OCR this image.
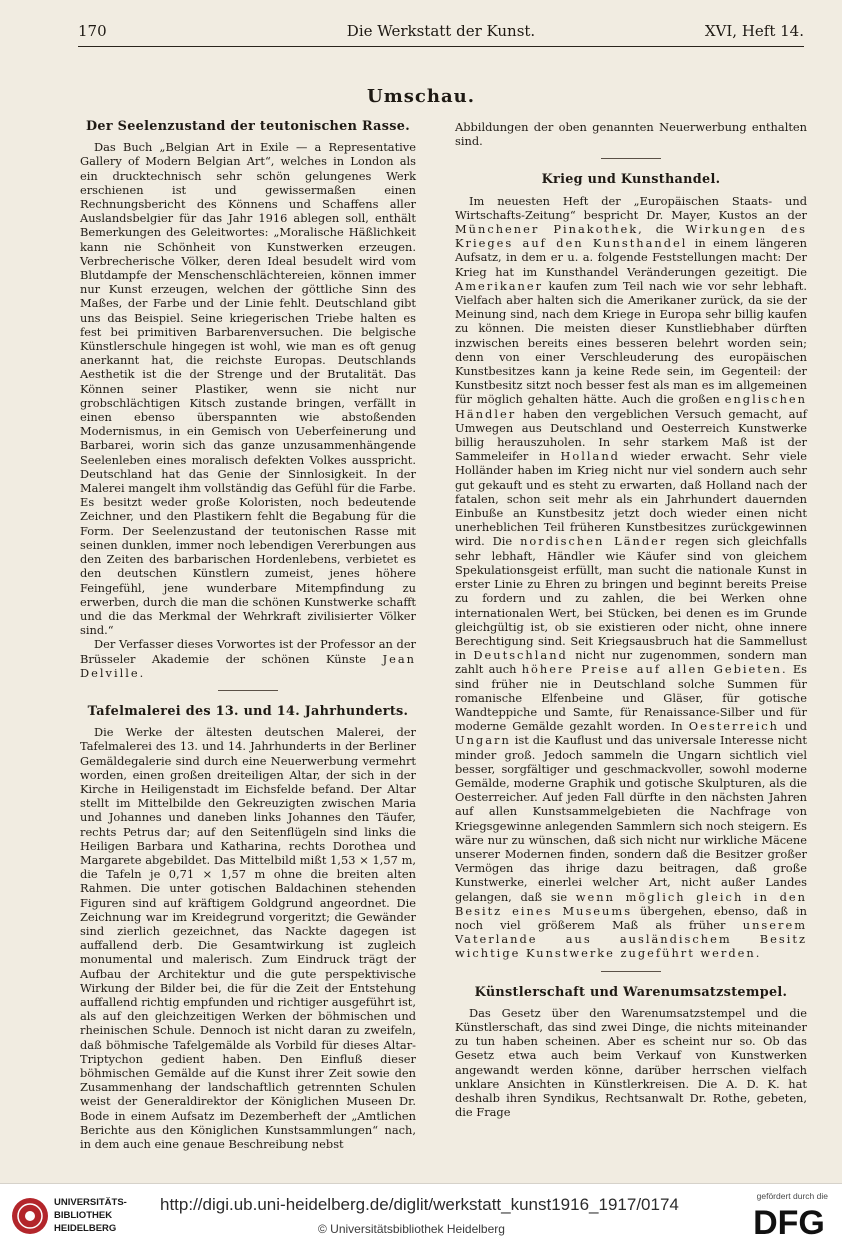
170	Die Werkstatt der Kunst.	XVI, Heft 14.
Umschau.
Der Seelenzustand der teutonischen Rasse.

Das Buch „Belgian Art in Exile — a Representative Gallery of Modern Belgian Art“, welches in London als ein drucktechnisch sehr schön gelungenes Werk erschienen ist und gewissermaßen einen Rechnungsbericht des Könnens und Schaffens aller Auslandsbelgier für das Jahr 1916 ablegen soll, enthält Bemerkungen des Geleitwortes: „Moralische Häßlichkeit kann nie Schönheit von Kunstwerken erzeugen. Verbrecherische Völker, deren Ideal besudelt wird vom Blutdampfe der Menschenschlächtereien, können immer nur Kunst erzeugen, welchen der göttliche Sinn des Maßes, der Farbe und der Linie fehlt. Deutschland gibt uns das Beispiel. Seine kriegerischen Triebe halten es fest bei primitiven Barbarenversuchen. Die belgische Künstlerschule hingegen ist wohl, wie man es oft genug anerkannt hat, die reichste Europas. Deutschlands Aesthetik ist die der Strenge und der Brutalität. Das Können seiner Plastiker, wenn sie nicht nur grobschlächtigen Kitsch zustande bringen, verfällt in einen ebenso überspannten wie abstoßenden Modernismus, in ein Gemisch von Ueberfeinerung und Barbarei, worin sich das ganze unzusammenhängende Seelenleben eines moralisch defekten Volkes ausspricht. Deutschland hat das Genie der Sinnlosigkeit. In der Malerei mangelt ihm vollständig das Gefühl für die Farbe. Es besitzt weder große Koloristen, noch bedeutende Zeichner, und den Plastikern fehlt die Begabung für die Form. Der Seelenzustand der teutonischen Rasse mit seinen dunklen, immer noch lebendigen Vererbungen aus den Zeiten des barbarischen Hordenlebens, verbietet es den deutschen Künstlern zumeist, jenes höhere Feingefühl, jene wunderbare Mitempfindung zu erwerben, durch die man die schönen Kunstwerke schafft und die das Merkmal der Wehrkraft zivilisierter Völker sind.“

Der Verfasser dieses Vorwortes ist der Professor an der Brüsseler Akademie der schönen Künste Jean Delville.

Tafelmalerei des 13. und 14. Jahrhunderts.

Die Werke der ältesten deutschen Malerei, der Tafelmalerei des 13. und 14. Jahrhunderts in der Berliner Gemäldegalerie sind durch eine Neuerwerbung vermehrt worden, einen großen dreiteiligen Altar, der sich in der Kirche in Heiligenstadt im Eichsfelde befand. Der Altar stellt im Mittelbilde den Gekreuzigten zwischen Maria und Johannes und daneben links Johannes den Täufer, rechts Petrus dar; auf den Seitenflügeln sind links die Heiligen Barbara und Katharina, rechts Dorothea und Margarete abgebildet. Das Mittelbild mißt 1,53 × 1,57 m, die Tafeln je 0,71 × 1,57 m ohne die breiten alten Rahmen. Die unter gotischen Baldachinen stehenden Figuren sind auf kräftigem Goldgrund angeordnet. Die Zeichnung war im Kreidegrund vorgeritzt; die Gewänder sind zierlich gezeichnet, das Nackte dagegen ist auffallend derb. Die Gesamtwirkung ist zugleich monumental und malerisch. Zum Eindruck trägt der Aufbau der Architektur und die gute perspektivische Wirkung der Bilder bei, die für die Zeit der Entstehung auffallend richtig empfunden und richtiger ausgeführt ist, als auf den gleichzeitigen Werken der böhmischen und rheinischen Schule. Dennoch ist nicht daran zu zweifeln, daß böhmische Tafelgemälde als Vorbild für dieses Altar-Triptychon gedient haben. Den Einfluß dieser böhmischen Gemälde auf die Kunst ihrer Zeit sowie den Zusammenhang der landschaftlich getrennten Schulen weist der Generaldirektor der Königlichen Museen Dr. Bode in einem Aufsatz im Dezemberheft der „Amtlichen Berichte aus den Königlichen Kunstsammlungen“ nach, in dem auch eine genaue Beschreibung nebst

Abbildungen der oben genannten Neuerwerbung enthalten sind.

Krieg und Kunsthandel.

Im neuesten Heft der „Europäischen Staats- und Wirtschafts-Zeitung“ bespricht Dr. Mayer, Kustos an der Münchener Pinakothek, die Wirkungen des Krieges auf den Kunsthandel in einem längeren Aufsatz, in dem er u. a. folgende Feststellungen macht: Der Krieg hat im Kunsthandel Veränderungen gezeitigt. Die Amerikaner kaufen zum Teil nach wie vor sehr lebhaft. Vielfach aber halten sich die Amerikaner zurück, da sie der Meinung sind, nach dem Kriege in Europa sehr billig kaufen zu können. Die meisten dieser Kunstliebhaber dürften inzwischen bereits eines besseren belehrt worden sein; denn von einer Verschleuderung des europäischen Kunstbesitzes kann ja keine Rede sein, im Gegenteil: der Kunstbesitz sitzt noch besser fest als man es im allgemeinen für möglich gehalten hätte. Auch die großen englischen Händler haben den vergeblichen Versuch gemacht, auf Umwegen aus Deutschland und Oesterreich Kunstwerke billig herauszuholen. In sehr starkem Maß ist der Sammeleifer in Holland wieder erwacht. Sehr viele Holländer haben im Krieg nicht nur viel sondern auch sehr gut gekauft und es steht zu erwarten, daß Holland nach der fatalen, schon seit mehr als ein Jahrhundert dauernden Einbuße an Kunstbesitz jetzt doch wieder einen nicht unerheblichen Teil früheren Kunstbesitzes zurückgewinnen wird. Die nordischen Länder regen sich gleichfalls sehr lebhaft, Händler wie Käufer sind von gleichem Spekulationsgeist erfüllt, man sucht die nationale Kunst in erster Linie zu Ehren zu bringen und beginnt bereits Preise zu fordern und zu zahlen, die bei Werken ohne internationalen Wert, bei Stücken, bei denen es im Grunde gleichgültig ist, ob sie existieren oder nicht, ohne innere Berechtigung sind. Seit Kriegsausbruch hat die Sammellust in Deutschland nicht nur zugenommen, sondern man zahlt auch höhere Preise auf allen Gebieten. Es sind früher nie in Deutschland solche Summen für romanische Elfenbeine und Gläser, für gotische Wandteppiche und Samte, für Renaissance-Silber und für moderne Gemälde gezahlt worden. In Oesterreich und Ungarn ist die Kauflust und das universale Interesse nicht minder groß. Jedoch sammeln die Ungarn sichtlich viel besser, sorgfältiger und geschmackvoller, sowohl moderne Gemälde, moderne Graphik und gotische Skulpturen, als die Oesterreicher. Auf jeden Fall dürfte in den nächsten Jahren auf allen Kunstsammelgebieten die Nachfrage von Kriegsgewinne anlegenden Sammlern sich noch steigern. Es wäre nur zu wünschen, daß sich nicht nur wirkliche Mäcene unserer Modernen finden, sondern daß die Besitzer großer Vermögen das ihrige dazu beitragen, daß große Kunstwerke, einerlei welcher Art, nicht außer Landes gelangen, daß sie wenn möglich gleich in den Besitz eines Museums übergehen, ebenso, daß in noch viel größerem Maß als früher unserem Vaterlande aus ausländischem Besitz wichtige Kunstwerke zugeführt werden.

Künstlerschaft und Warenumsatzstempel.

Das Gesetz über den Warenumsatzstempel und die Künstlerschaft, das sind zwei Dinge, die nichts miteinander zu tun haben scheinen. Aber es scheint nur so. Ob das Gesetz etwa auch beim Verkauf von Kunstwerken angewandt werden könne, darüber herrschen vielfach unklare Ansichten in Künstlerkreisen. Die A. D. K. hat deshalb ihren Syndikus, Rechtsanwalt Dr. Rothe, gebeten, die Frage

UNIVERSITÄTS-
BIBLIOTHEK
HEIDELBERG
http://digi.ub.uni-heidelberg.de/diglit/werkstatt_kunst1916_1917/0174
© Universitätsbibliothek Heidelberg
gefördert durch die
DFG
